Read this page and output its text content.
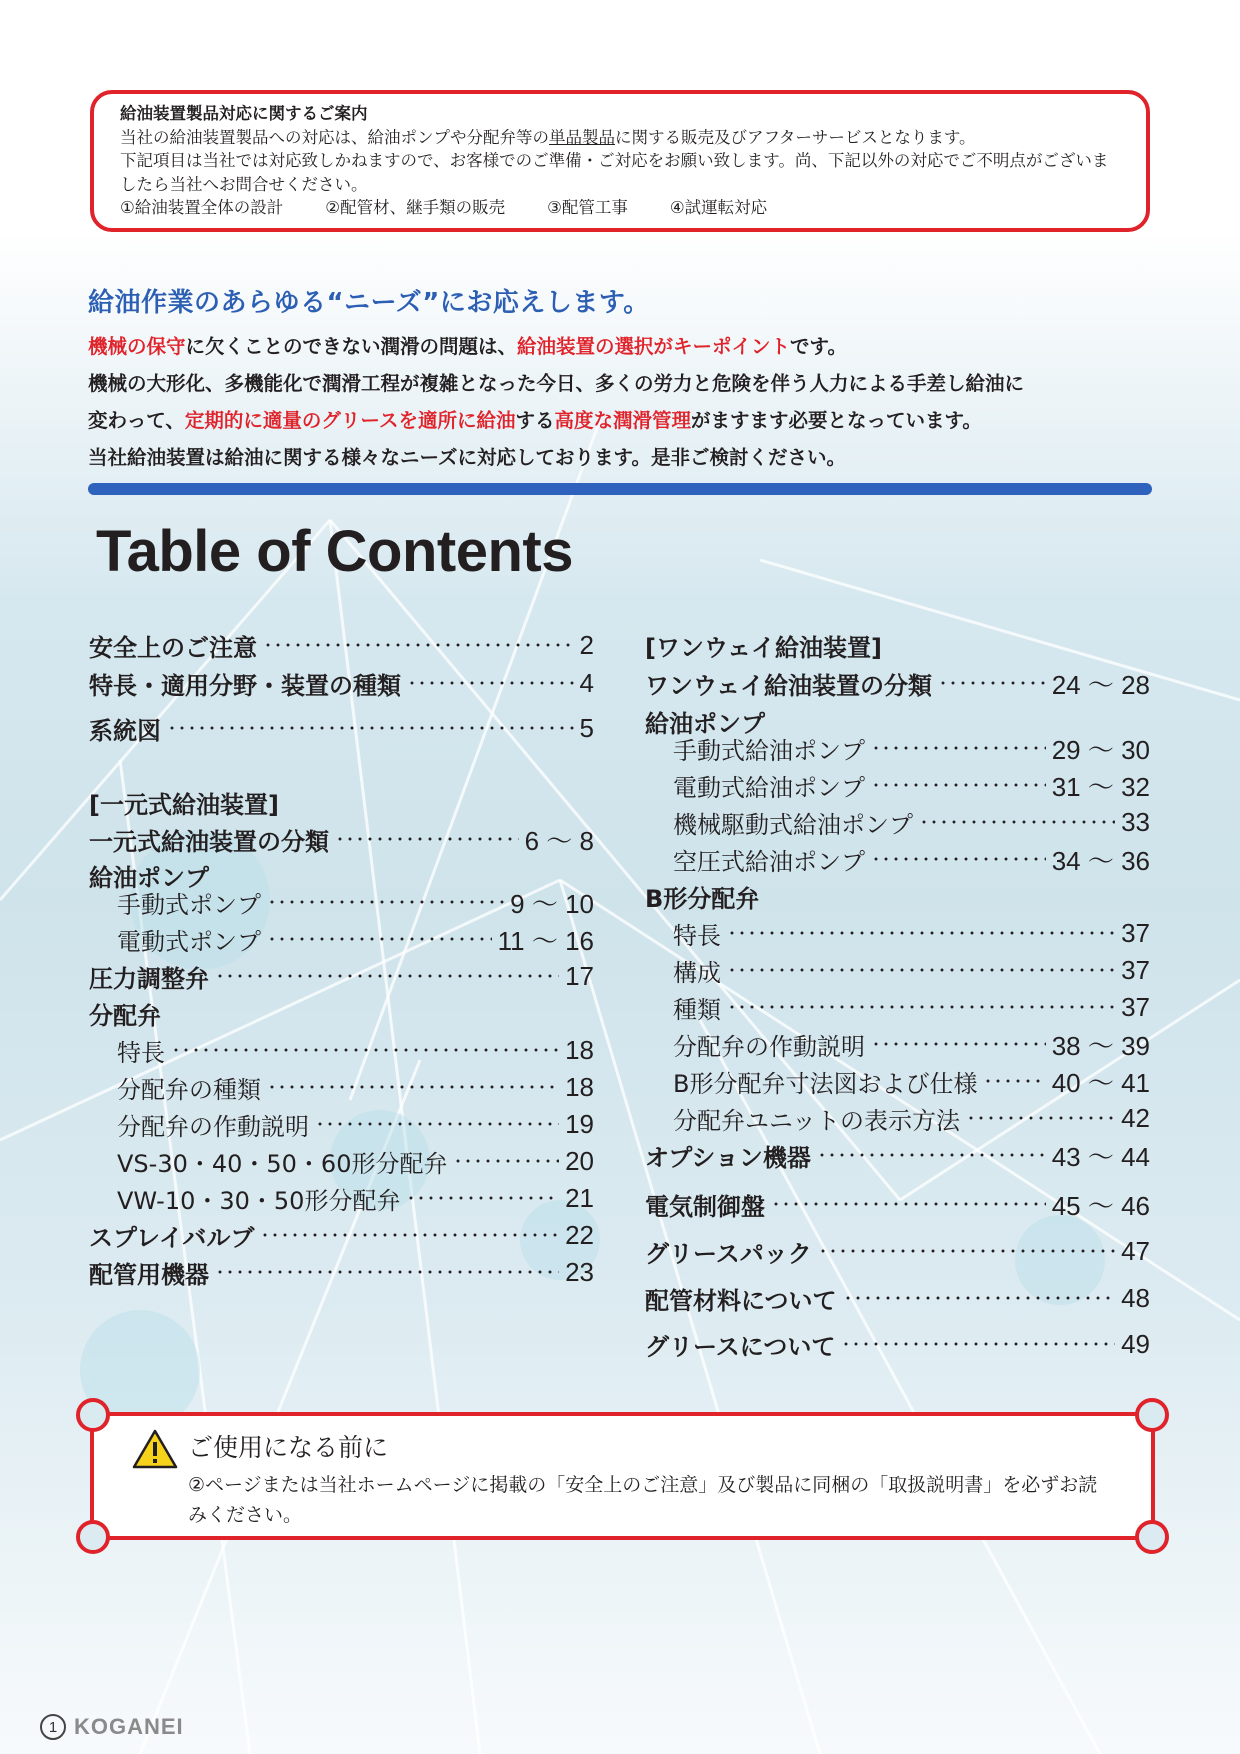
給油装置製品対応に関するご案内
当社の給油装置製品への対応は、給油ポンプや分配弁等の単品製品に関する販売及びアフターサービスとなります。
下記項目は当社では対応致しかねますので、お客様でのご準備・ご対応をお願い致します。尚、下記以外の対応でご不明点がございま
したら当社へお問合せください。
①給油装置全体の設計	②配管材、継手類の販売	③配管工事	④試運転対応
給油作業のあらゆる“ニーズ”にお応えします。
機械の保守に欠くことのできない潤滑の問題は、給油装置の選択がキーポイントです。
機械の大形化、多機能化で潤滑工程が複雑となった今日、多くの労力と危険を伴う人力による手差し給油に
変わって、定期的に適量のグリースを適所に給油する高度な潤滑管理がますます必要となっています。
当社給油装置は給油に関する様々なニーズに対応しております。是非ご検討ください。
Table of Contents
安全上のご注意	2
特長・適用分野・装置の種類	4
系統図	5
[一元式給油装置]
一元式給油装置の分類	6 ～ 8
給油ポンプ
手動式ポンプ	9 ～ 10
電動式ポンプ	11 ～ 16
圧力調整弁	17
分配弁
特長	18
分配弁の種類	18
分配弁の作動説明	19
VS-30・40・50・60形分配弁	20
VW-10・30・50形分配弁	21
スプレイバルブ	22
配管用機器	23
[ワンウェイ給油装置]
ワンウェイ給油装置の分類	24 ～ 28
給油ポンプ
手動式給油ポンプ	29 ～ 30
電動式給油ポンプ	31 ～ 32
機械駆動式給油ポンプ	33
空圧式給油ポンプ	34 ～ 36
B形分配弁
特長	37
構成	37
種類	37
分配弁の作動説明	38 ～ 39
B形分配弁寸法図および仕様	40 ～ 41
分配弁ユニットの表示方法	42
オプション機器	43 ～ 44
電気制御盤	45 ～ 46
グリースパック	47
配管材料について	48
グリースについて	49
ご使用になる前に
②ページまたは当社ホームページに掲載の「安全上のご注意」及び製品に同梱の「取扱説明書」を必ずお読みください。
1 KOGANEI
